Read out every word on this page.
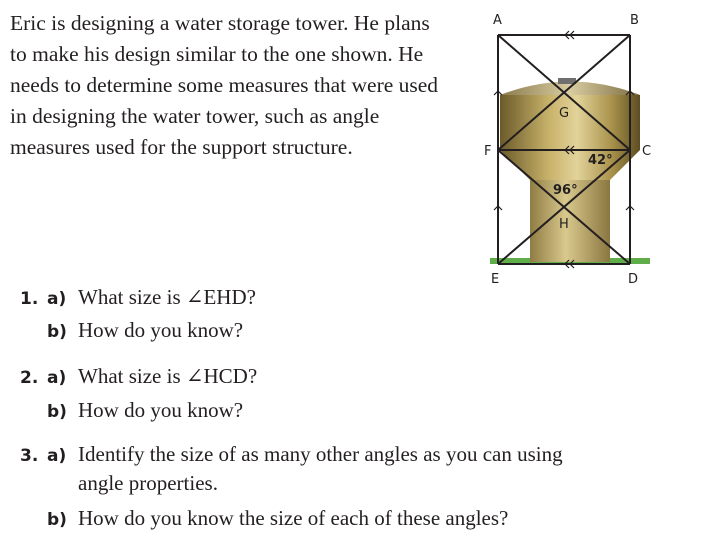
Eric is designing a water storage tower. He plans to make his design similar to the one shown. He needs to determine some measures that were used in designing the water tower, such as angle measures used for the support structure.

A	B
C
D
E
F
G
H
42°
96°
1. a) What size is ∠EHD?
b) How do you know?
2. a) What size is ∠HCD?
b) How do you know?
3. a) Identify the size of as many other angles as you can using angle properties.
b) How do you know the size of each of these angles?
